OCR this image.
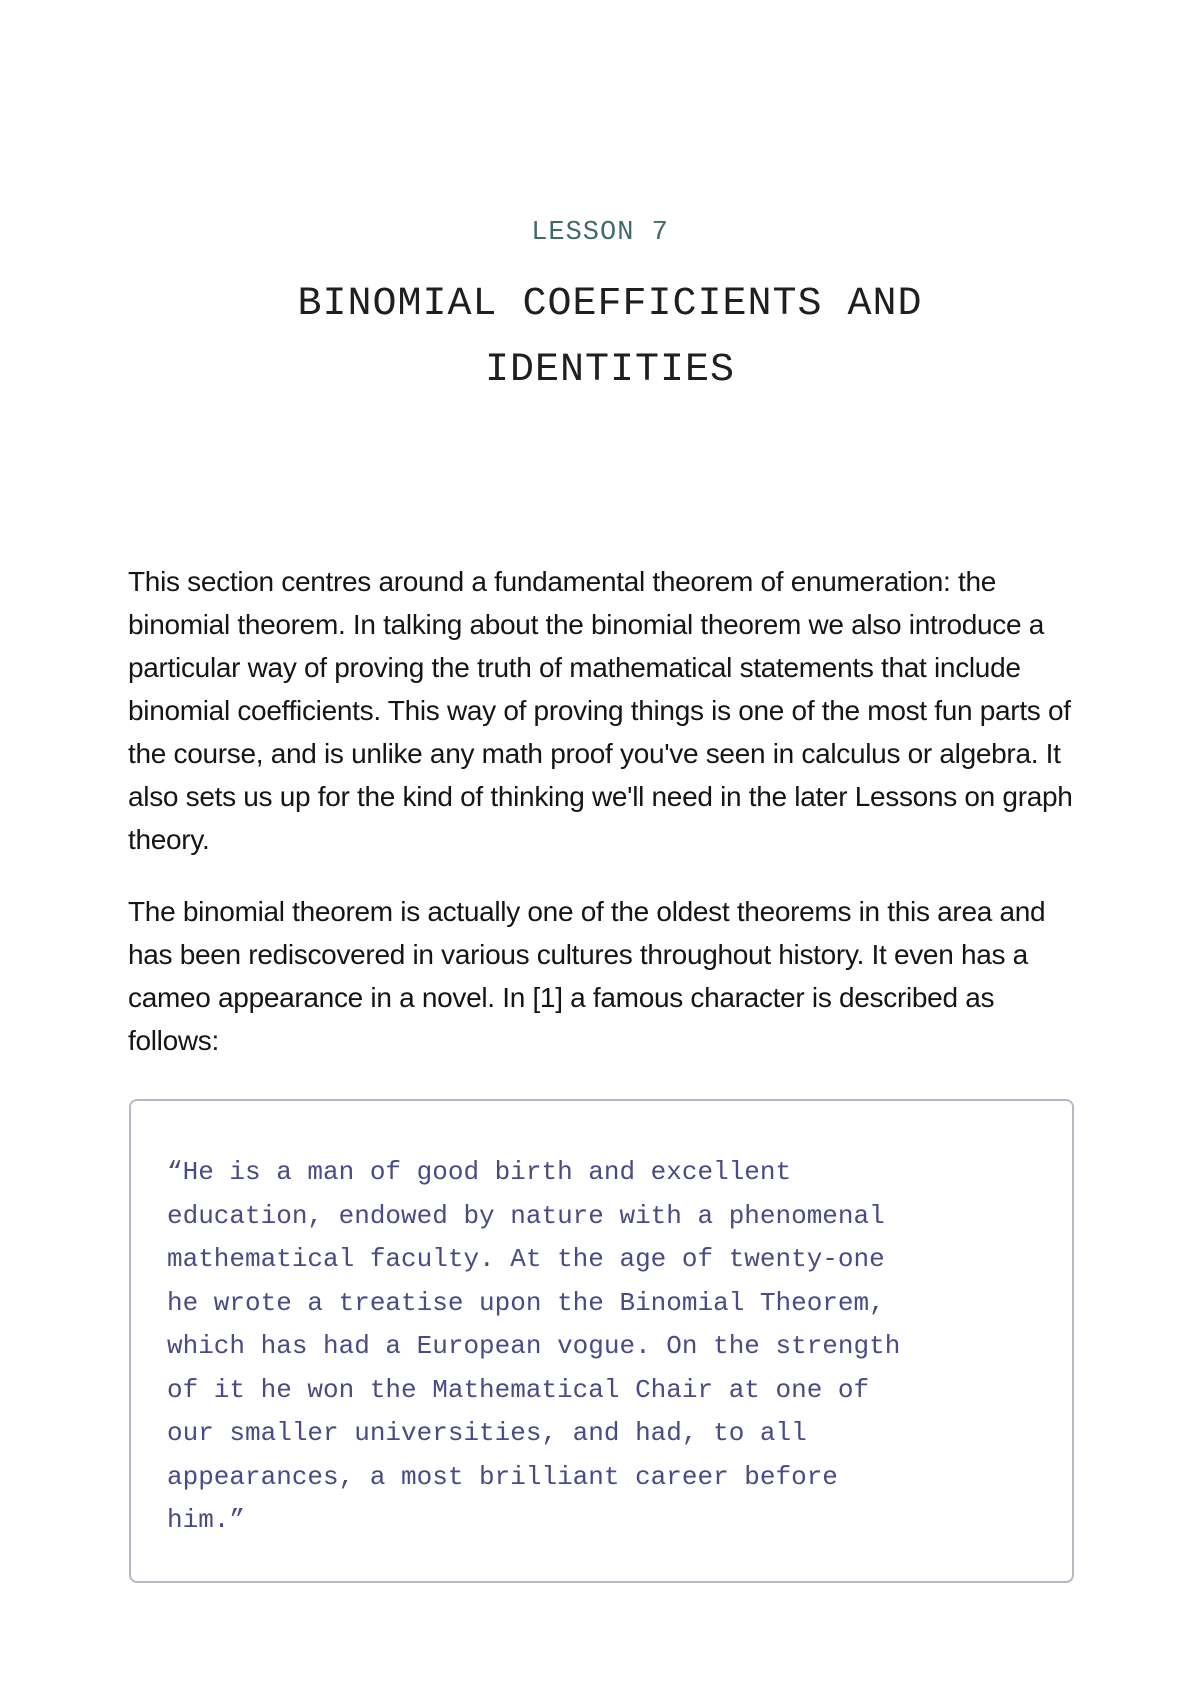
LESSON 7
BINOMIAL COEFFICIENTS AND IDENTITIES

This section centres around a fundamental theorem of enumeration: the binomial theorem. In talking about the binomial theorem we also introduce a particular way of proving the truth of mathematical statements that include binomial coefficients. This way of proving things is one of the most fun parts of the course, and is unlike any math proof you've seen in calculus or algebra. It also sets us up for the kind of thinking we'll need in the later Lessons on graph theory.

The binomial theorem is actually one of the oldest theorems in this area and has been rediscovered in various cultures throughout history. It even has a cameo appearance in a novel. In [1] a famous character is described as follows:

“He is a man of good birth and excellent
education, endowed by nature with a phenomenal
mathematical faculty. At the age of twenty-one
he wrote a treatise upon the Binomial Theorem,
which has had a European vogue. On the strength
of it he won the Mathematical Chair at one of
our smaller universities, and had, to all
appearances, a most brilliant career before
him.”
